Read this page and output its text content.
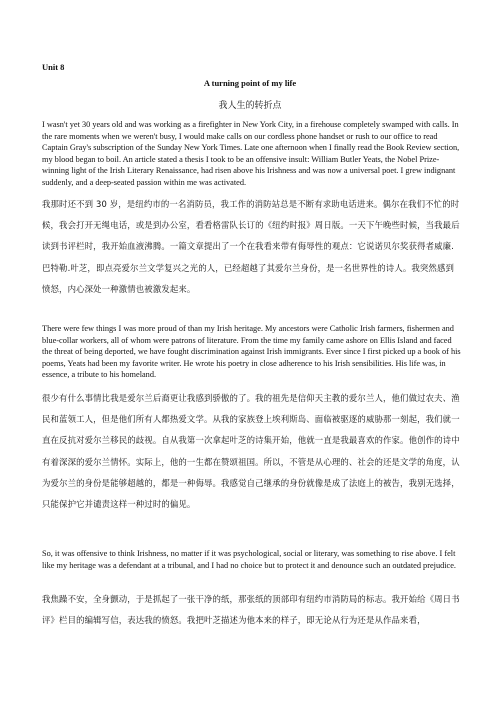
Unit 8
A turning point of my life
我人生的转折点

I wasn't yet 30 years old and was working as a firefighter in New York City, in a firehouse completely swamped with calls. In the rare moments when we weren't busy, I would make calls on our cordless phone handset or rush to our office to read Captain Gray's subscription of the Sunday New York Times. Late one afternoon when I finally read the Book Review section, my blood began to boil. An article stated a thesis I took to be an offensive insult: William Butler Yeats, the Nobel Prize-winning light of the Irish Literary Renaissance, had risen above his Irishness and was now a universal poet. I grew indignant suddenly, and a deep-seated passion within me was activated.

我那时还不到 30 岁，是纽约市的一名消防员，我工作的消防站总是不断有求助电话进来。偶尔在我们不忙的时候，我会打开无绳电话，或是到办公室，看看格雷队长订的《纽约时报》周日版。一天下午晚些时候，当我最后读到书评栏时，我开始血液沸腾。一篇文章提出了一个在我看来带有侮辱性的观点：它说诺贝尔奖获得者威廉.巴特勒.叶芝，即点亮爱尔兰文学复兴之光的人，已经超越了其爱尔兰身份，是一名世界性的诗人。我突然感到愤怒，内心深处一种激情也被激发起来。

There were few things I was more proud of than my Irish heritage. My ancestors were Catholic Irish farmers, fishermen and blue-collar workers, all of whom were patrons of literature. From the time my family came ashore on Ellis Island and faced the threat of being deported, we have fought discrimination against Irish immigrants. Ever since I first picked up a book of his poems, Yeats had been my favorite writer. He wrote his poetry in close adherence to his Irish sensibilities. His life was, in essence, a tribute to his homeland.

很少有什么事情比我是爱尔兰后裔更让我感到骄傲的了。我的祖先是信仰天主教的爱尔兰人，他们做过农夫、渔民和蓝领工人，但是他们所有人都热爱文学。从我的家族登上埃利斯岛、面临被驱逐的威胁那一刻起，我们就一直在反抗对爱尔兰移民的歧视。自从我第一次拿起叶芝的诗集开始，他就一直是我最喜欢的作家。他创作的诗中有着深深的爱尔兰情怀。实际上，他的一生都在赞颂祖国。所以，不管是从心理的、社会的还是文学的角度，认为爱尔兰的身份是能够超越的，都是一种侮辱。我感觉自己继承的身份就像是成了法庭上的被告，我别无选择，只能保护它并谴责这样一种过时的偏见。

So, it was offensive to think Irishness, no matter if it was psychological, social or literary, was something to rise above. I felt like my heritage was a defendant at a tribunal, and I had no choice but to protect it and denounce such an outdated prejudice.

我焦躁不安，全身颤动，于是抓起了一张干净的纸，那张纸的顶部印有纽约市消防局的标志。我开始给《周日书评》栏目的编辑写信，表达我的愤怒。我把叶芝描述为他本来的样子，即无论从行为还是从作品来看，
